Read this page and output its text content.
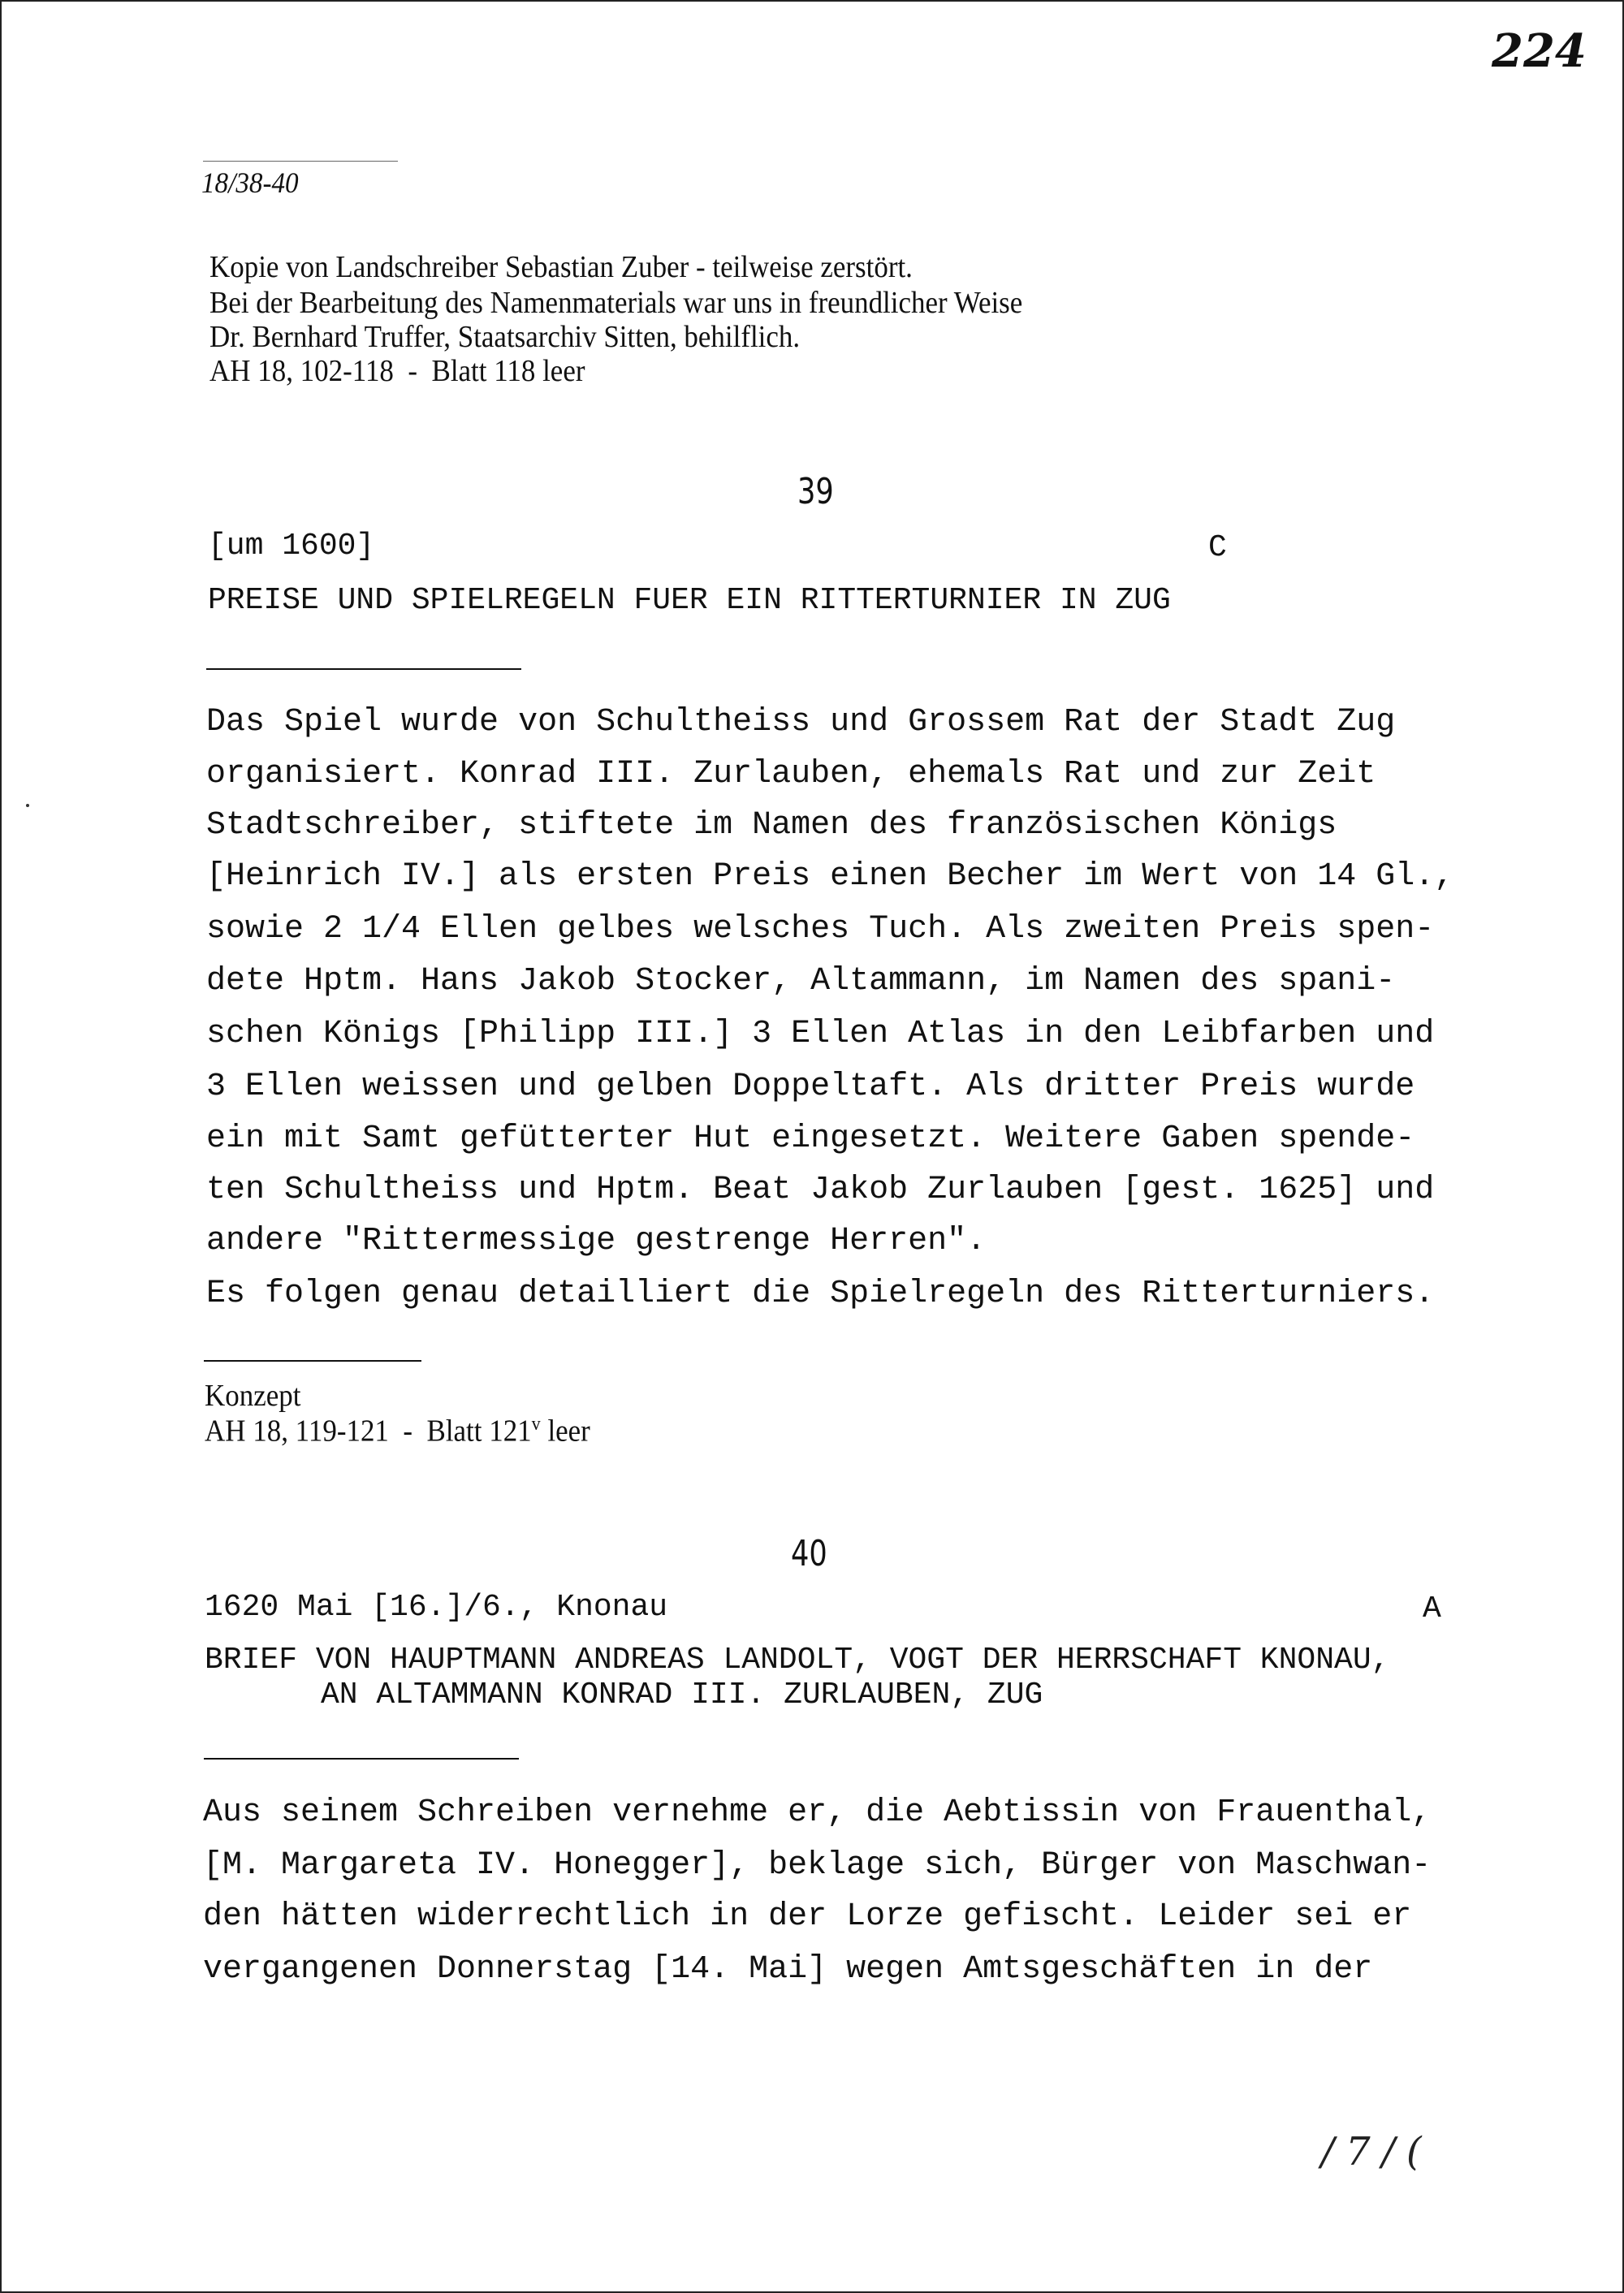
224
18/38-40
Kopie von Landschreiber Sebastian Zuber - teilweise zerstört.
Bei der Bearbeitung des Namenmaterials war uns in freundlicher Weise
Dr. Bernhard Truffer, Staatsarchiv Sitten, behilflich.
AH 18, 102-118  -  Blatt 118 leer
39
[um 1600]	C
PREISE UND SPIELREGELN FUER EIN RITTERTURNIER IN ZUG
Das Spiel wurde von Schultheiss und Grossem Rat der Stadt Zug
organisiert. Konrad III. Zurlauben, ehemals Rat und zur Zeit
Stadtschreiber, stiftete im Namen des französischen Königs
[Heinrich IV.] als ersten Preis einen Becher im Wert von 14 Gl.,
sowie 2 1/4 Ellen gelbes welsches Tuch. Als zweiten Preis spen-
dete Hptm. Hans Jakob Stocker, Altammann, im Namen des spani-
schen Königs [Philipp III.] 3 Ellen Atlas in den Leibfarben und
3 Ellen weissen und gelben Doppeltaft. Als dritter Preis wurde
ein mit Samt gefütterter Hut eingesetzt. Weitere Gaben spende-
ten Schultheiss und Hptm. Beat Jakob Zurlauben [gest. 1625] und
andere "Rittermessige gestrenge Herren".
Es folgen genau detailliert die Spielregeln des Ritterturniers.
Konzept
AH 18, 119-121  -  Blatt 121$^v$ leer
40
1620 Mai [16.]/6., Knonau	A
BRIEF VON HAUPTMANN ANDREAS LANDOLT, VOGT DER HERRSCHAFT KNONAU,
AN ALTAMMANN KONRAD III. ZURLAUBEN, ZUG
Aus seinem Schreiben vernehme er, die Aebtissin von Frauenthal,
[M. Margareta IV. Honegger], beklage sich, Bürger von Maschwan-
den hätten widerrechtlich in der Lorze gefischt. Leider sei er
vergangenen Donnerstag [14. Mai] wegen Amtsgeschäften in der
/7/(
